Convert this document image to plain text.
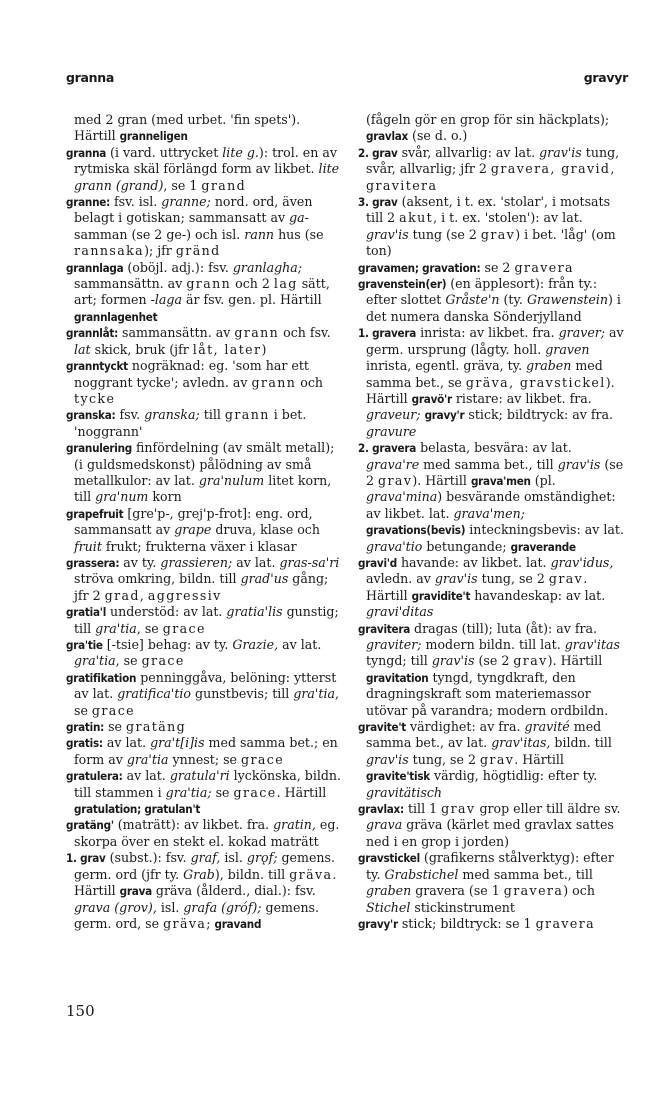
granna	gravyr

med 2 gran (med urbet. 'fin spets'). Härtill granneligen

granna (i vard. uttrycket lite g.): trol. en av rytmiska skäl förlängd form av likbet. lite grann (grand), se 1 grand

granne: fsv. isl. granne; nord. ord, även belagt i gotiskan; sammansatt av ga- samman (se 2 ge-) och isl. rann hus (se rannsaka); jfr gränd

grannlaga (oböjl. adj.): fsv. granlagha; sammansättn. av grann och 2 lag sätt, art; formen -laga är fsv. gen. pl. Härtill grannlagenhet

grannlåt: sammansättn. av grann och fsv. lat skick, bruk (jfr låt, later)

granntyckt nogräknad: eg. 'som har ett noggrant tycke'; avledn. av grann och tycke

granska: fsv. granska; till grann i bet. 'noggrann'

granulering finfördelning (av smält metall); (i guldsmedskonst) pålödning av små metallkulor: av lat. gra'nulum litet korn, till gra'num korn

grapefruit [gre'p-, grej'p-frot]: eng. ord, sammansatt av grape druva, klase och fruit frukt; frukterna växer i klasar

grassera: av ty. grassieren; av lat. gras-sa'ri ströva omkring, bildn. till grad'us gång; jfr 2 grad, aggressiv

gratia'l understöd: av lat. gratia'lis gunstig; till gra'tia, se grace

gra'tie [-tsie] behag: av ty. Grazie, av lat. gra'tia, se grace

gratifikation penninggåva, belöning: ytterst av lat. gratifica'tio gunstbevis; till gra'tia, se grace

gratin: se gratäng

gratis: av lat. gra't[i]is med samma bet.; en form av gra'tia ynnest; se grace

gratulera: av lat. gratula'ri lyckönska, bildn. till stammen i gra'tia; se grace. Härtill gratulation; gratulan't

gratäng' (maträtt): av likbet. fra. gratin, eg. skorpa över en stekt el. kokad maträtt

1. grav (subst.): fsv. graf, isl. grǫf; gemens. germ. ord (jfr ty. Grab), bildn. till gräva. Härtill grava gräva (ålderd., dial.): fsv. grava (grov), isl. grafa (gróf); gemens. germ. ord, se gräva; gravand

(fågeln gör en grop för sin häckplats); gravlax (se d. o.)

2. grav svår, allvarlig: av lat. grav'is tung, svår, allvarlig; jfr 2 gravera, gravid, gravitera

3. grav (aksent, i t. ex. 'stolar', i motsats till 2 akut, i t. ex. 'stolen'): av lat. grav'is tung (se 2 grav) i bet. 'låg' (om ton)

gravamen; gravation: se 2 gravera

gravenstein(er) (en äpplesort): från ty.: efter slottet Gråste'n (ty. Grawenstein) i det numera danska Sönderjylland

1. gravera inrista: av likbet. fra. graver; av germ. ursprung (lågty. holl. graven inrista, egentl. gräva, ty. graben med samma bet., se gräva, gravstickel). Härtill gravö'r ristare: av likbet. fra. graveur; gravy'r stick; bildtryck: av fra. gravure

2. gravera belasta, besvära: av lat. grava're med samma bet., till grav'is (se 2 grav). Härtill grava'men (pl. grava'mina) besvärande omständighet: av likbet. lat. grava'men; gravations(bevis) inteckningsbevis: av lat. grava'tio betungande; graverande

gravi'd havande: av likbet. lat. grav'idus, avledn. av grav'is tung, se 2 grav. Härtill graviditе't havandeskap: av lat. gravi'ditas

gravitera dragas (till); luta (åt): av fra. graviter; modern bildn. till lat. grav'itas tyngd; till grav'is (se 2 grav). Härtill gravitation tyngd, tyngdkraft, den dragningskraft som materiemassor utövar på varandra; modern ordbildn.

gravite't värdighet: av fra. gravité med samma bet., av lat. grav'itas, bildn. till grav'is tung, se 2 grav. Härtill gravite'tisk värdig, högtidlig: efter ty. gravitätisch

gravlax: till 1 grav grop eller till äldre sv. grava gräva (kärlet med gravlax sattes ned i en grop i jorden)

gravstickel (grafikerns stålverktyg): efter ty. Grabstichel med samma bet., till graben gravera (se 1 gravera) och Stichel stickinstrument

gravy'r stick; bildtryck: se 1 gravera

150
